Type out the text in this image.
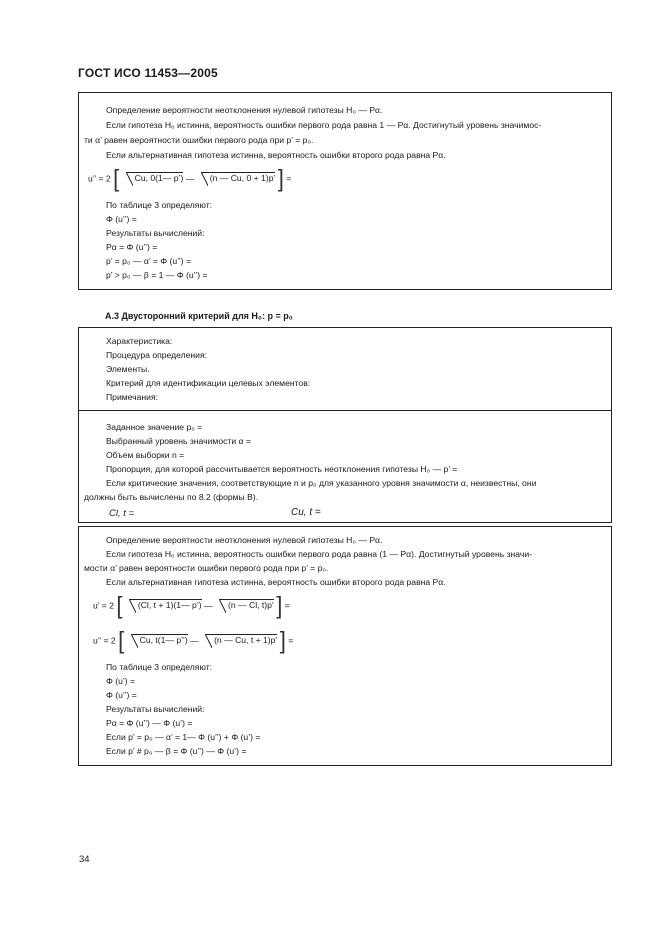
ГОСТ ИСО 11453—2005
Определение вероятности неотклонения нулевой гипотезы H₀ — Pα.
Если гипотеза H₀ истинна, вероятность ошибки первого рода равна 1 — Pα. Достигнутый уровень значимос-
ти α’ равен вероятности ошибки первого рода при p’ = p₀.
Если альтернативная гипотеза истинна, вероятность ошибки второго рода равна Pα.
u’’ = 2 [ Cu, 0(1— p’) — (n — Cu, 0 + 1)p’ ] =
По таблице 3 определяют:
Φ (u’’) =
Результаты вычислений:
Pα = Φ (u’’) =
p’ = p₀ — α’ = Φ (u’’) =
p’ > p₀ — β = 1 — Φ (u’’) =
А.3 Двусторонний критерий для H₀: p = p₀
Характеристика:
Процедура определения:
Элементы.
Критерий для идентификации целевых элементов:
Примечания:
Заданное значение p₀ =
Выбранный уровень значимости α =
Объем выборки n =
Пропорция, для которой рассчитывается вероятность неотклонения гипотезы H₀ — p’ =
Если критические значения, соответствующие n и p₀ для указанного уровня значимости α, неизвестны, они
должны быть вычислены по 8.2 (формы В).
Cl, t =	Cu, t =
Определение вероятности неотклонения нулевой гипотезы H₀ — Pα.
Если гипотеза H₀ истинна, вероятность ошибки первого рода равна (1 — Pα). Достигнутый уровень значи-
мости α’ равен вероятности ошибки первого рода при p’ = p₀.
Если альтернативная гипотеза истинна, вероятность ошибки второго рода равна Pα.
u’ = 2 [ (Cl, t + 1)(1— p’) — (n — Cl, t)p’ ] =
u’’ = 2 [ Cu, t(1— p’’) — (n — Cu, t + 1)p’ ] =
По таблице 3 определяют:
Φ (u’) =
Φ (u’’) =
Результаты вычислений:
Pα = Φ (u’’) — Φ (u’) =
Если p’ = p₀ — α’ = 1— Φ (u’’) + Φ (u’) =
Если p’ # p₀ — β = Φ (u’’) — Φ (u’) =
34
